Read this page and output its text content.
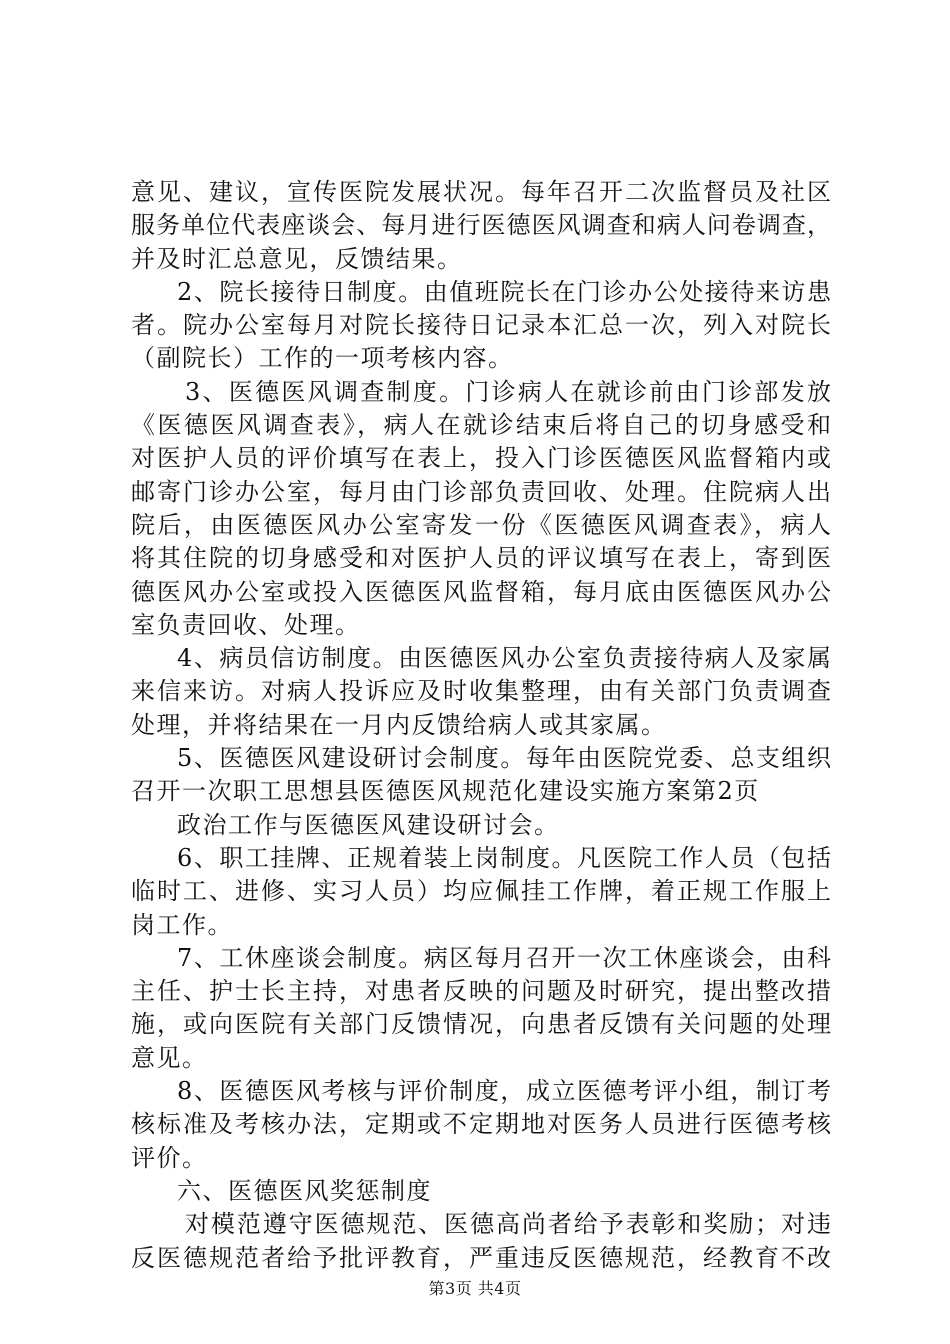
意见、建议，宣传医院发展状况。每年召开二次监督员及社区
服务单位代表座谈会、每月进行医德医风调查和病人问卷调查，
并及时汇总意见，反馈结果。
2、院长接待日制度。由值班院长在门诊办公处接待来访患
者。院办公室每月对院长接待日记录本汇总一次，列入对院长
（副院长）工作的一项考核内容。
3、医德医风调查制度。门诊病人在就诊前由门诊部发放
《医德医风调查表》，病人在就诊结束后将自己的切身感受和
对医护人员的评价填写在表上，投入门诊医德医风监督箱内或
邮寄门诊办公室，每月由门诊部负责回收、处理。住院病人出
院后，由医德医风办公室寄发一份《医德医风调查表》，病人
将其住院的切身感受和对医护人员的评议填写在表上，寄到医
德医风办公室或投入医德医风监督箱，每月底由医德医风办公
室负责回收、处理。
4、病员信访制度。由医德医风办公室负责接待病人及家属
来信来访。对病人投诉应及时收集整理，由有关部门负责调查
处理，并将结果在一月内反馈给病人或其家属。
5、医德医风建设研讨会制度。每年由医院党委、总支组织
召开一次职工思想县医德医风规范化建设实施方案第2页
政治工作与医德医风建设研讨会。
6、职工挂牌、正规着装上岗制度。凡医院工作人员（包括
临时工、进修、实习人员）均应佩挂工作牌，着正规工作服上
岗工作。
7、工休座谈会制度。病区每月召开一次工休座谈会，由科
主任、护士长主持，对患者反映的问题及时研究，提出整改措
施，或向医院有关部门反馈情况，向患者反馈有关问题的处理
意见。
8、医德医风考核与评价制度，成立医德考评小组，制订考
核标准及考核办法，定期或不定期地对医务人员进行医德考核
评价。
六、医德医风奖惩制度
对模范遵守医德规范、医德高尚者给予表彰和奖励；对违
反医德规范者给予批评教育，严重违反医德规范，经教育不改
第3页 共4页
